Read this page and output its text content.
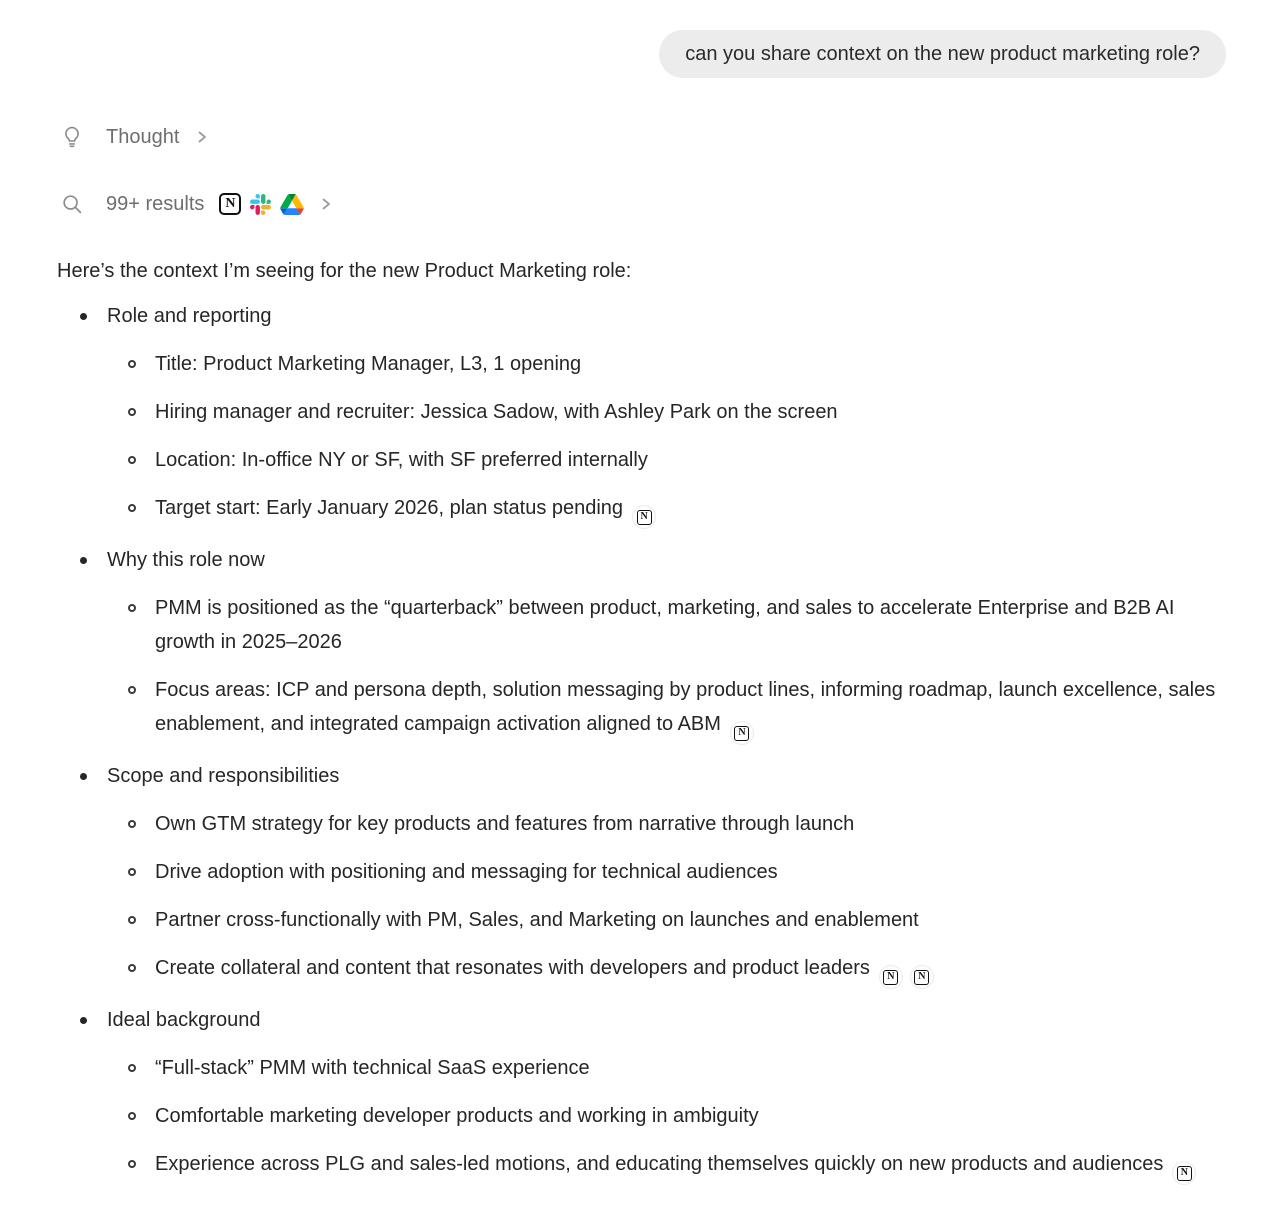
can you share context on the new product marketing role?
Thought
99+ results	N
Here’s the context I’m seeing for the new Product Marketing role:
Role and reporting
Title: Product Marketing Manager, L3, 1 opening
Hiring manager and recruiter: Jessica Sadow, with Ashley Park on the screen
Location: In-office NY or SF, with SF preferred internally
Target start: Early January 2026, plan status pending	N
Why this role now
PMM is positioned as the “quarterback” between product, marketing, and sales to accelerate Enterprise and B2B AI growth in 2025–2026
Focus areas: ICP and persona depth, solution messaging by product lines, informing roadmap, launch excellence, sales enablement, and integrated campaign activation aligned to ABM	N
Scope and responsibilities
Own GTM strategy for key products and features from narrative through launch
Drive adoption with positioning and messaging for technical audiences
Partner cross-functionally with PM, Sales, and Marketing on launches and enablement
Create collateral and content that resonates with developers and product leaders	N	N
Ideal background
“Full-stack” PMM with technical SaaS experience
Comfortable marketing developer products and working in ambiguity
Experience across PLG and sales-led motions, and educating themselves quickly on new products and audiences	N
